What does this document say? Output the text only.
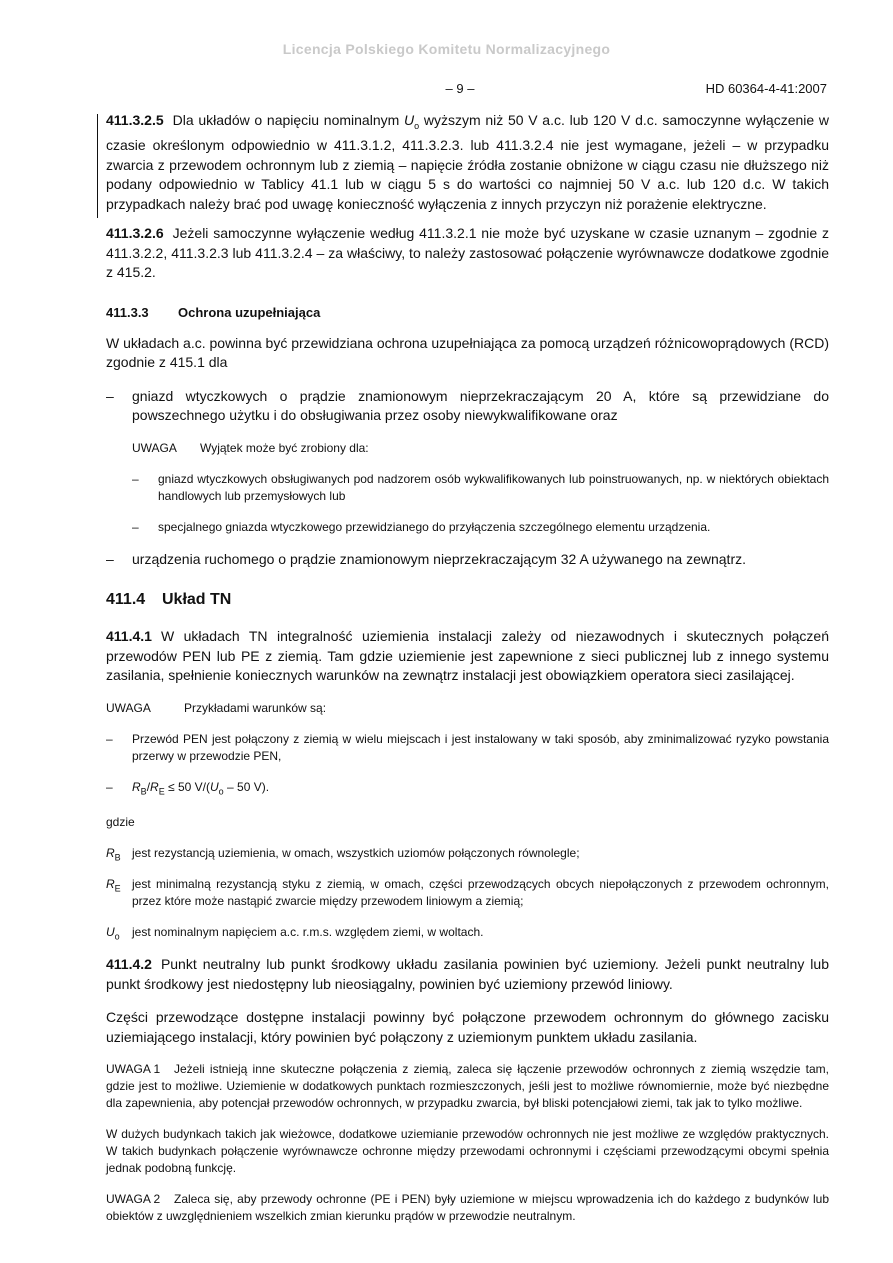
Licencja Polskiego Komitetu Normalizacyjnego
– 9 –	HD 60364-4-41:2007

411.3.2.5 Dla układów o napięciu nominalnym $U_o$ wyższym niż 50 V a.c. lub 120 V d.c. samoczynne wyłączenie w czasie określonym odpowiednio w 411.3.1.2, 411.3.2.3. lub 411.3.2.4 nie jest wymagane, jeżeli – w przypadku zwarcia z przewodem ochronnym lub z ziemią – napięcie źródła zostanie obniżone w ciągu czasu nie dłuższego niż podany odpowiednio w Tablicy 41.1 lub w ciągu 5 s do wartości co najmniej 50 V a.c. lub 120 d.c. W takich przypadkach należy brać pod uwagę konieczność wyłączenia z innych przyczyn niż porażenie elektryczne.

411.3.2.6 Jeżeli samoczynne wyłączenie według 411.3.2.1 nie może być uzyskane w czasie uznanym – zgodnie z 411.3.2.2, 411.3.2.3 lub 411.3.2.4 – za właściwy, to należy zastosować połączenie wyrównawcze dodatkowe zgodnie z 415.2.

411.3.3 Ochrona uzupełniająca

W układach a.c. powinna być przewidziana ochrona uzupełniająca za pomocą urządzeń różnicowoprądowych (RCD) zgodnie z 415.1 dla

– gniazd wtyczkowych o prądzie znamionowym nieprzekraczającym 20 A, które są przewidziane do powszechnego użytku i do obsługiwania przez osoby niewykwalifikowane oraz

UWAGA Wyjątek może być zrobiony dla:

– gniazd wtyczkowych obsługiwanych pod nadzorem osób wykwalifikowanych lub poinstruowanych, np. w niektórych obiektach handlowych lub przemysłowych lub
– specjalnego gniazda wtyczkowego przewidzianego do przyłączenia szczególnego elementu urządzenia.
– urządzenia ruchomego o prądzie znamionowym nieprzekraczającym 32 A używanego na zewnątrz.

411.4 Układ TN

411.4.1 W układach TN integralność uziemienia instalacji zależy od niezawodnych i skutecznych połączeń przewodów PEN lub PE z ziemią. Tam gdzie uziemienie jest zapewnione z sieci publicznej lub z innego systemu zasilania, spełnienie koniecznych warunków na zewnątrz instalacji jest obowiązkiem operatora sieci zasilającej.

UWAGA	Przykładami warunków są:

– Przewód PEN jest połączony z ziemią w wielu miejscach i jest instalowany w taki sposób, aby zminimalizować ryzyko powstania przerwy w przewodzie PEN,
– $R_B/R_E \le 50$ $V/(U_o - 50$ V).

gdzie

$R_B$ jest rezystancją uziemienia, w omach, wszystkich uziomów połączonych równolegle;
$R_E$ jest minimalną rezystancją styku z ziemią, w omach, części przewodzących obcych niepołączonych z przewodem ochronnym, przez które może nastąpić zwarcie między przewodem liniowym a ziemią;
$U_o$ jest nominalnym napięciem a.c. r.m.s. względem ziemi, w woltach.

411.4.2 Punkt neutralny lub punkt środkowy układu zasilania powinien być uziemiony. Jeżeli punkt neutralny lub punkt środkowy jest niedostępny lub nieosiągalny, powinien być uziemiony przewód liniowy.

Części przewodzące dostępne instalacji powinny być połączone przewodem ochronnym do głównego zacisku uziemiającego instalacji, który powinien być połączony z uziemionym punktem układu zasilania.

UWAGA 1 Jeżeli istnieją inne skuteczne połączenia z ziemią, zaleca się łączenie przewodów ochronnych z ziemią wszędzie tam, gdzie jest to możliwe. Uziemienie w dodatkowych punktach rozmieszczonych, jeśli jest to możliwe równomiernie, może być niezbędne dla zapewnienia, aby potencjał przewodów ochronnych, w przypadku zwarcia, był bliski potencjałowi ziemi, tak jak to tylko możliwe.

W dużych budynkach takich jak wieżowce, dodatkowe uziemianie przewodów ochronnych nie jest możliwe ze względów praktycznych. W takich budynkach połączenie wyrównawcze ochronne między przewodami ochronnymi i częściami przewodzącymi obcymi spełnia jednak podobną funkcję.

UWAGA 2 Zaleca się, aby przewody ochronne (PE i PEN) były uziemione w miejscu wprowadzenia ich do każdego z budynków lub obiektów z uwzględnieniem wszelkich zmian kierunku prądów w przewodzie neutralnym.
